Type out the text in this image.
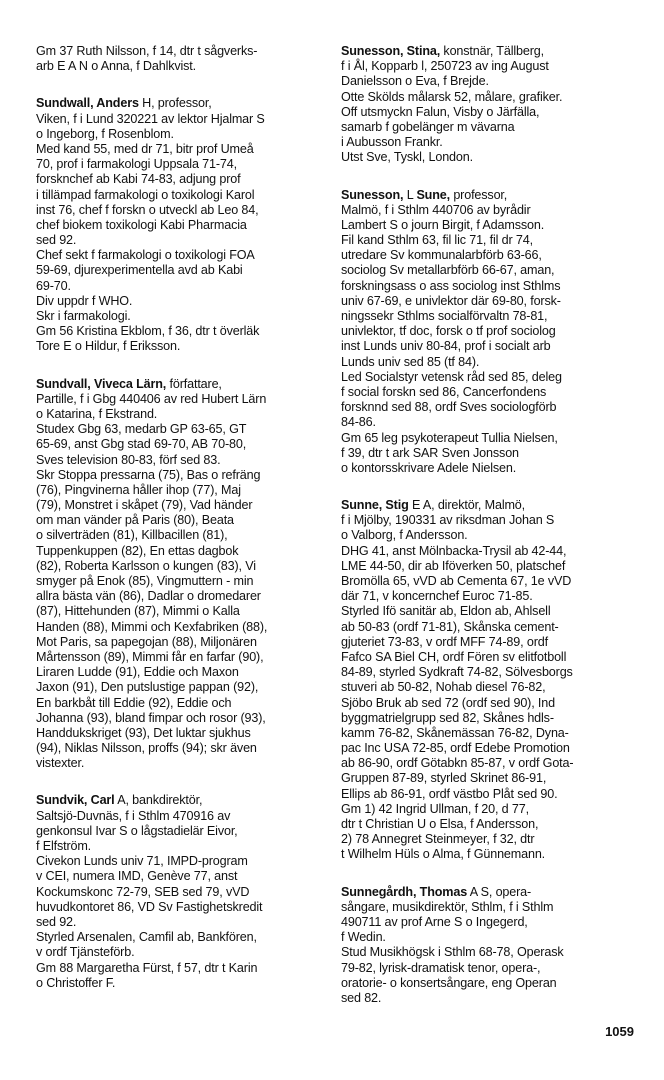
Gm 37 Ruth Nilsson, f 14, dtr t sågverks-
arb E A N o Anna, f Dahlkvist.
Sundwall, Anders H, professor,
Viken, f i Lund 320221 av lektor Hjalmar S
o Ingeborg, f Rosenblom.
Med kand 55, med dr 71, bitr prof Umeå
70, prof i farmakologi Uppsala 71-74,
forsknchef ab Kabi 74-83, adjung prof
i tillämpad farmakologi o toxikologi Karol
inst 76, chef f forskn o utveckl ab Leo 84,
chef biokem toxikologi Kabi Pharmacia
sed 92.
Chef sekt f farmakologi o toxikologi FOA
59-69, djurexperimentella avd ab Kabi
69-70.
Div uppdr f WHO.
Skr i farmakologi.
Gm 56 Kristina Ekblom, f 36, dtr t överläk
Tore E o Hildur, f Eriksson.
Sundvall, Viveca Lärn, författare,
Partille, f i Gbg 440406 av red Hubert Lärn
o Katarina, f Ekstrand.
Studex Gbg 63, medarb GP 63-65, GT
65-69, anst Gbg stad 69-70, AB 70-80,
Sves television 80-83, förf sed 83.
Skr Stoppa pressarna (75), Bas o refräng
(76), Pingvinerna håller ihop (77), Maj
(79), Monstret i skåpet (79), Vad händer
om man vänder på Paris (80), Beata
o silverträden (81), Killbacillen (81),
Tuppenkuppen (82), En ettas dagbok
(82), Roberta Karlsson o kungen (83), Vi
smyger på Enok (85), Vingmuttern - min
allra bästa vän (86), Dadlar o dromedarer
(87), Hittehunden (87), Mimmi o Kalla
Handen (88), Mimmi och Kexfabriken (88),
Mot Paris, sa papegojan (88), Miljonären
Mårtensson (89), Mimmi får en farfar (90),
Liraren Ludde (91), Eddie och Maxon
Jaxon (91), Den putslustige pappan (92),
En barkbåt till Eddie (92), Eddie och
Johanna (93), bland fimpar och rosor (93),
Handdukskriget (93), Det luktar sjukhus
(94), Niklas Nilsson, proffs (94); skr även
vistexter.
Sundvik, Carl A, bankdirektör,
Saltsjö-Duvnäs, f i Sthlm 470916 av
genkonsul Ivar S o lågstadielär Eivor,
f Elfström.
Civekon Lunds univ 71, IMPD-program
v CEI, numera IMD, Genève 77, anst
Kockumskonc 72-79, SEB sed 79, vVD
huvudkontoret 86, VD Sv Fastighetskredit
sed 92.
Styrled Arsenalen, Camfil ab, Bankfören,
v ordf Tjänsteförb.
Gm 88 Margaretha Fürst, f 57, dtr t Karin
o Christoffer F.
Sunesson, Stina, konstnär, Tällberg,
f i Ål, Kopparb l, 250723 av ing August
Danielsson o Eva, f Brejde.
Otte Skölds målarsk 52, målare, grafiker.
Off utsmyckn Falun, Visby o Järfälla,
samarb f gobelänger m vävarna
i Aubusson Frankr.
Utst Sve, Tyskl, London.
Sunesson, L Sune, professor,
Malmö, f i Sthlm 440706 av byrådir
Lambert S o journ Birgit, f Adamsson.
Fil kand Sthlm 63, fil lic 71, fil dr 74,
utredare Sv kommunalarbförb 63-66,
sociolog Sv metallarbförb 66-67, aman,
forskningsass o ass sociolog inst Sthlms
univ 67-69, e univlektor där 69-80, forsk-
ningssekr Sthlms socialförvaltn 78-81,
univlektor, tf doc, forsk o tf prof sociolog
inst Lunds univ 80-84, prof i socialt arb
Lunds univ sed 85 (tf 84).
Led Socialstyr vetensk råd sed 85, deleg
f social forskn sed 86, Cancerfondens
forsknnd sed 88, ordf Sves sociologförb
84-86.
Gm 65 leg psykoterapeut Tullia Nielsen,
f 39, dtr t ark SAR Sven Jonsson
o kontorsskrivare Adele Nielsen.
Sunne, Stig E A, direktör, Malmö,
f i Mjölby, 190331 av riksdman Johan S
o Valborg, f Andersson.
DHG 41, anst Mölnbacka-Trysil ab 42-44,
LME 44-50, dir ab Iföverken 50, platschef
Bromölla 65, vVD ab Cementa 67, 1e vVD
där 71, v koncernchef Euroc 71-85.
Styrled Ifö sanitär ab, Eldon ab, Ahlsell
ab 50-83 (ordf 71-81), Skånska cement-
gjuteriet 73-83, v ordf MFF 74-89, ordf
Fafco SA Biel CH, ordf Fören sv elitfotboll
84-89, styrled Sydkraft 74-82, Sölvesborgs
stuveri ab 50-82, Nohab diesel 76-82,
Sjöbo Bruk ab sed 72 (ordf sed 90), Ind
byggmatrielgrupp sed 82, Skånes hdls-
kamm 76-82, Skånemässan 76-82, Dyna-
pac Inc USA 72-85, ordf Edebe Promotion
ab 86-90, ordf Götabkn 85-87, v ordf Gota-
Gruppen 87-89, styrled Skrinet 86-91,
Ellips ab 86-91, ordf västbo Plåt sed 90.
Gm 1) 42 Ingrid Ullman, f 20, d 77,
dtr t Christian U o Elsa, f Andersson,
2) 78 Annegret Steinmeyer, f 32, dtr
t Wilhelm Hüls o Alma, f Günnemann.
Sunnegårdh, Thomas A S, opera-
sångare, musikdirektör, Sthlm, f i Sthlm
490711 av prof Arne S o Ingegerd,
f Wedin.
Stud Musikhögsk i Sthlm 68-78, Operask
79-82, lyrisk-dramatisk tenor, opera-,
oratorie- o konsertsångare, eng Operan
sed 82.
1059
